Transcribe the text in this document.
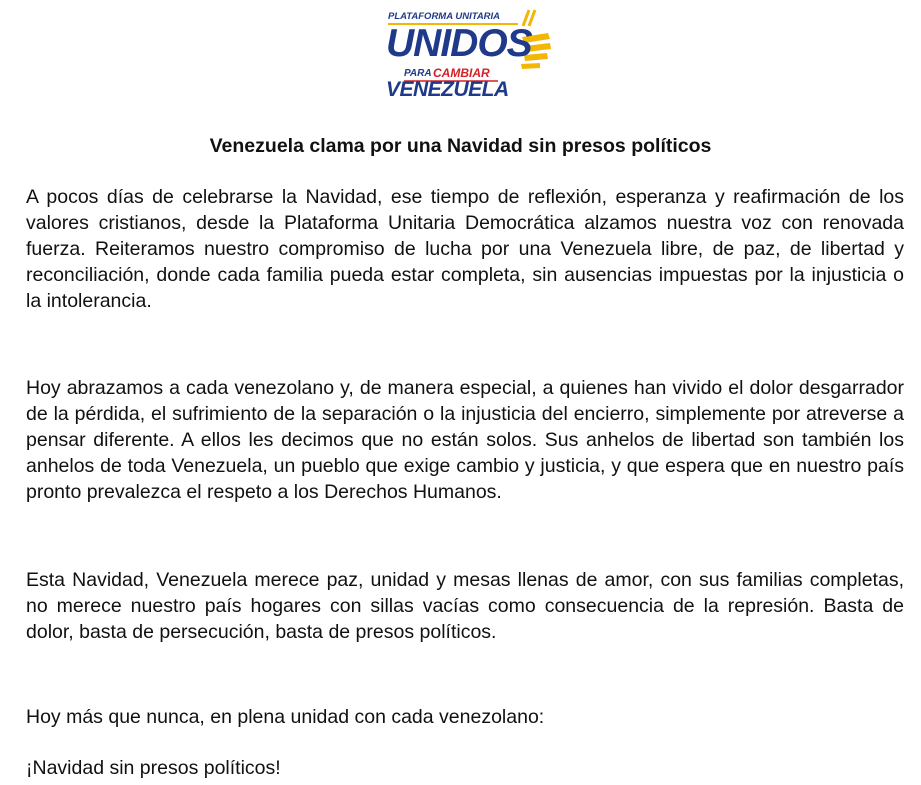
PLATAFORMA UNITARIA
UNIDOS
PARA CAMBIAR
VENEZUELA
Venezuela clama por una Navidad sin presos políticos

A pocos días de celebrarse la Navidad, ese tiempo de reflexión, esperanza y reafirmación de los valores cristianos, desde la Plataforma Unitaria Democrática alzamos nuestra voz con renovada fuerza. Reiteramos nuestro compromiso de lucha por una Venezuela libre, de paz, de libertad y reconciliación, donde cada familia pueda estar completa, sin ausencias impuestas por la injusticia o la intolerancia.

Hoy abrazamos a cada venezolano y, de manera especial, a quienes han vivido el dolor desgarrador de la pérdida, el sufrimiento de la separación o la injusticia del encierro, simplemente por atreverse a pensar diferente. A ellos les decimos que no están solos. Sus anhelos de libertad son también los anhelos de toda Venezuela, un pueblo que exige cambio y justicia, y que espera que en nuestro país pronto prevalezca el respeto a los Derechos Humanos.

Esta Navidad, Venezuela merece paz, unidad y mesas llenas de amor, con sus familias completas, no merece nuestro país hogares con sillas vacías como consecuencia de la represión. Basta de dolor, basta de persecución, basta de presos políticos.

Hoy más que nunca, en plena unidad con cada venezolano:

¡Navidad sin presos políticos!
